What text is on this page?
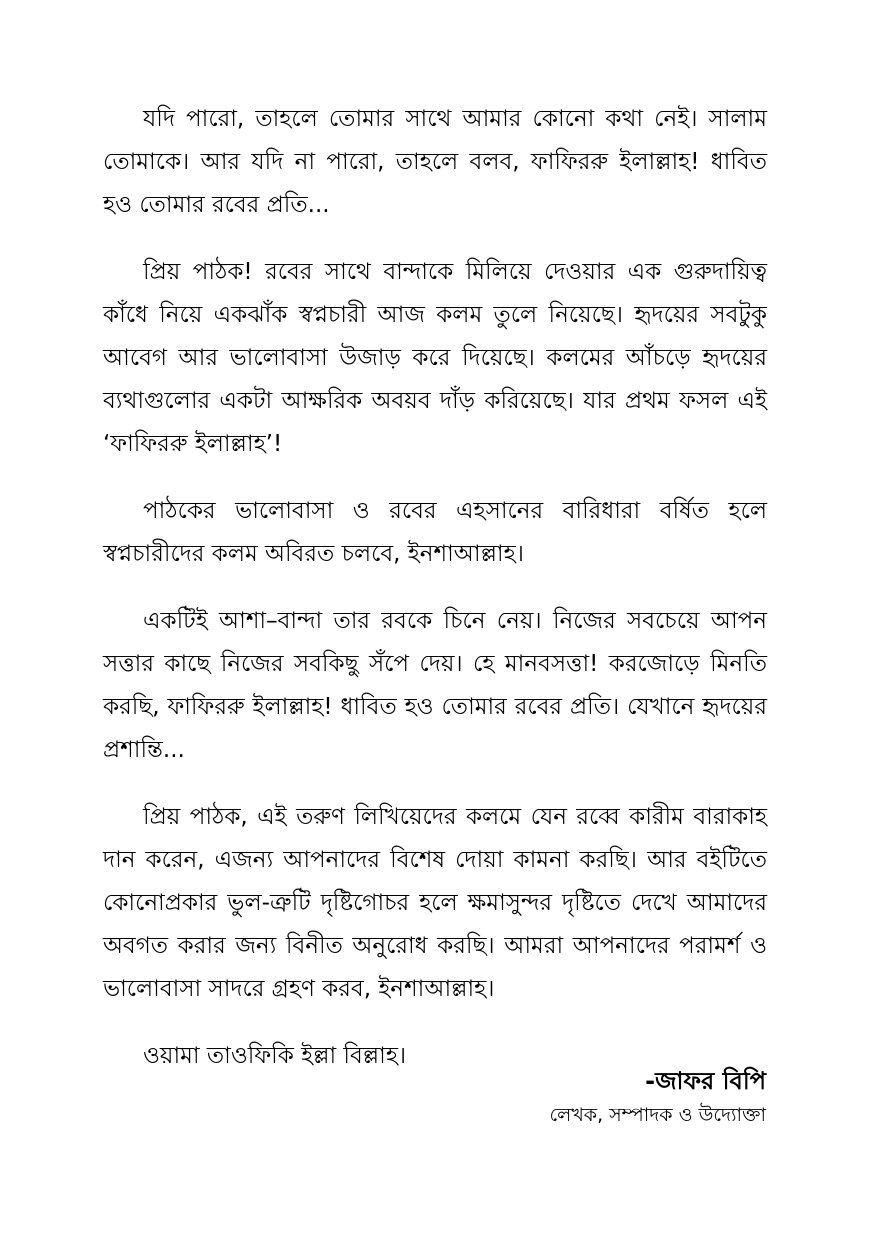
যদি পারো, তাহলে তোমার সাথে আমার কোনো কথা নেই। সালাম তোমাকে। আর যদি না পারো, তাহলে বলব, ফাফিররু ইলাল্লাহ! ধাবিত হও তোমার রবের প্রতি...

প্রিয় পাঠক! রবের সাথে বান্দাকে মিলিয়ে দেওয়ার এক গুরুদায়িত্ব কাঁধে নিয়ে একঝাঁক স্বপ্নচারী আজ কলম তুলে নিয়েছে। হৃদয়ের সবটুকু আবেগ আর ভালোবাসা উজাড় করে দিয়েছে। কলমের আঁচড়ে হৃদয়ের ব্যথাগুলোর একটা আক্ষরিক অবয়ব দাঁড় করিয়েছে। যার প্রথম ফসল এই ‘ফাফিররু ইলাল্লাহ’!

পাঠকের ভালোবাসা ও রবের এহসানের বারিধারা বর্ষিত হলে স্বপ্নচারীদের কলম অবিরত চলবে, ইনশাআল্লাহ।

একটিই আশা–বান্দা তার রবকে চিনে নেয়। নিজের সবচেয়ে আপন সত্তার কাছে নিজের সবকিছু সঁপে দেয়। হে মানবসত্তা! করজোড়ে মিনতি করছি, ফাফিররু ইলাল্লাহ! ধাবিত হও তোমার রবের প্রতি। যেখানে হৃদয়ের প্রশান্তি...

প্রিয় পাঠক, এই তরুণ লিখিয়েদের কলমে যেন রব্বে কারীম বারাকাহ দান করেন, এজন্য আপনাদের বিশেষ দোয়া কামনা করছি। আর বইটিতে কোনোপ্রকার ভুল-ত্রুটি দৃষ্টিগোচর হলে ক্ষমাসুন্দর দৃষ্টিতে দেখে আমাদের অবগত করার জন্য বিনীত অনুরোধ করছি। আমরা আপনাদের পরামর্শ ও ভালোবাসা সাদরে গ্রহণ করব, ইনশাআল্লাহ।

ওয়ামা তাওফিকি ইল্লা বিল্লাহ।

-জাফর বিপি
লেখক, সম্পাদক ও উদ্যোক্তা
